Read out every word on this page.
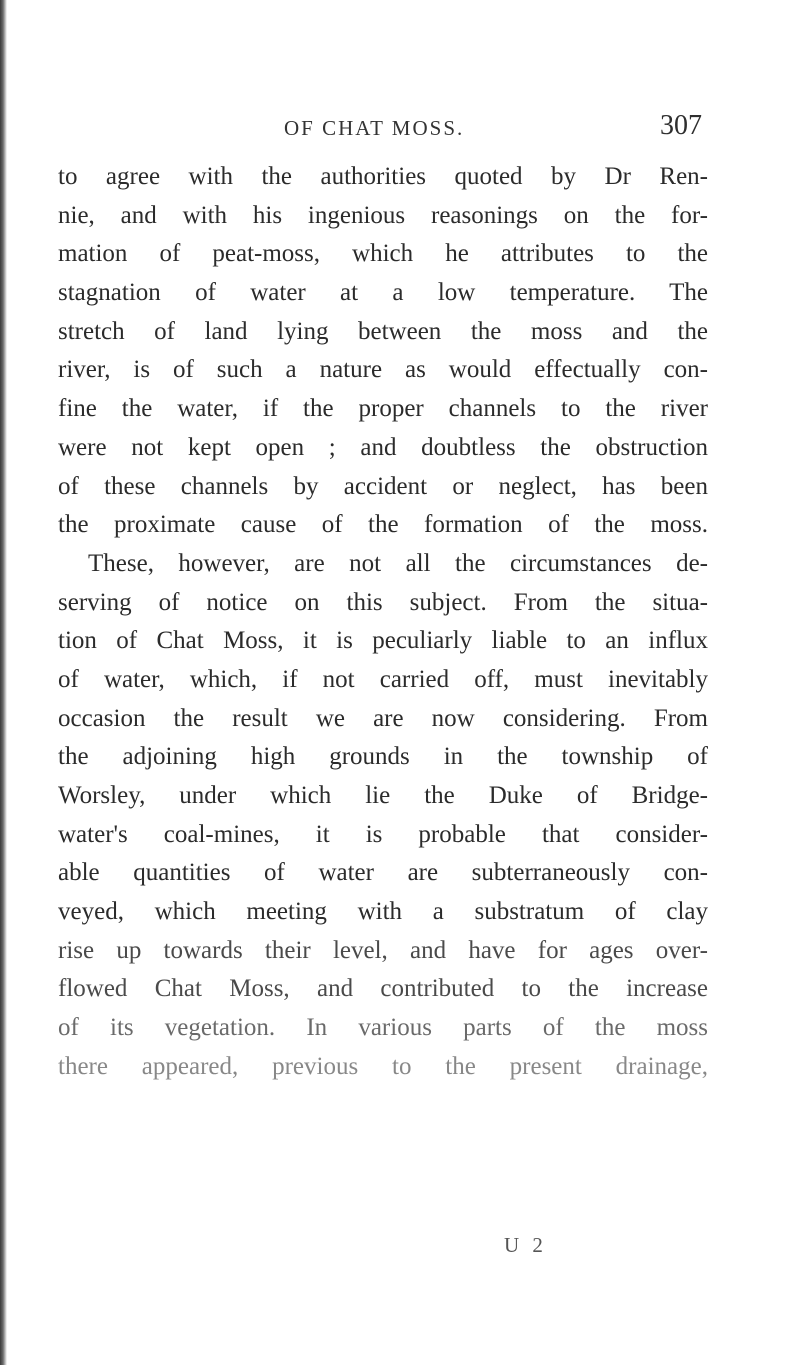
OF CHAT MOSS.	307
to agree with the authorities quoted by Dr Ren-
nie, and with his ingenious reasonings on the for-
mation of peat-moss, which he attributes to the
stagnation of water at a low temperature. The
stretch of land lying between the moss and the
river, is of such a nature as would effectually con-
fine the water, if the proper channels to the river
were not kept open ; and doubtless the obstruction
of these channels by accident or neglect, has been
the proximate cause of the formation of the moss.
These, however, are not all the circumstances de-
serving of notice on this subject. From the situa-
tion of Chat Moss, it is peculiarly liable to an influx
of water, which, if not carried off, must inevitably
occasion the result we are now considering. From
the adjoining high grounds in the township of
Worsley, under which lie the Duke of Bridge-
water's coal-mines, it is probable that consider-
able quantities of water are subterraneously con-
veyed, which meeting with a substratum of clay
rise up towards their level, and have for ages over-
flowed Chat Moss, and contributed to the increase
of its vegetation. In various parts of the moss
there appeared, previous to the present drainage,
U 2
